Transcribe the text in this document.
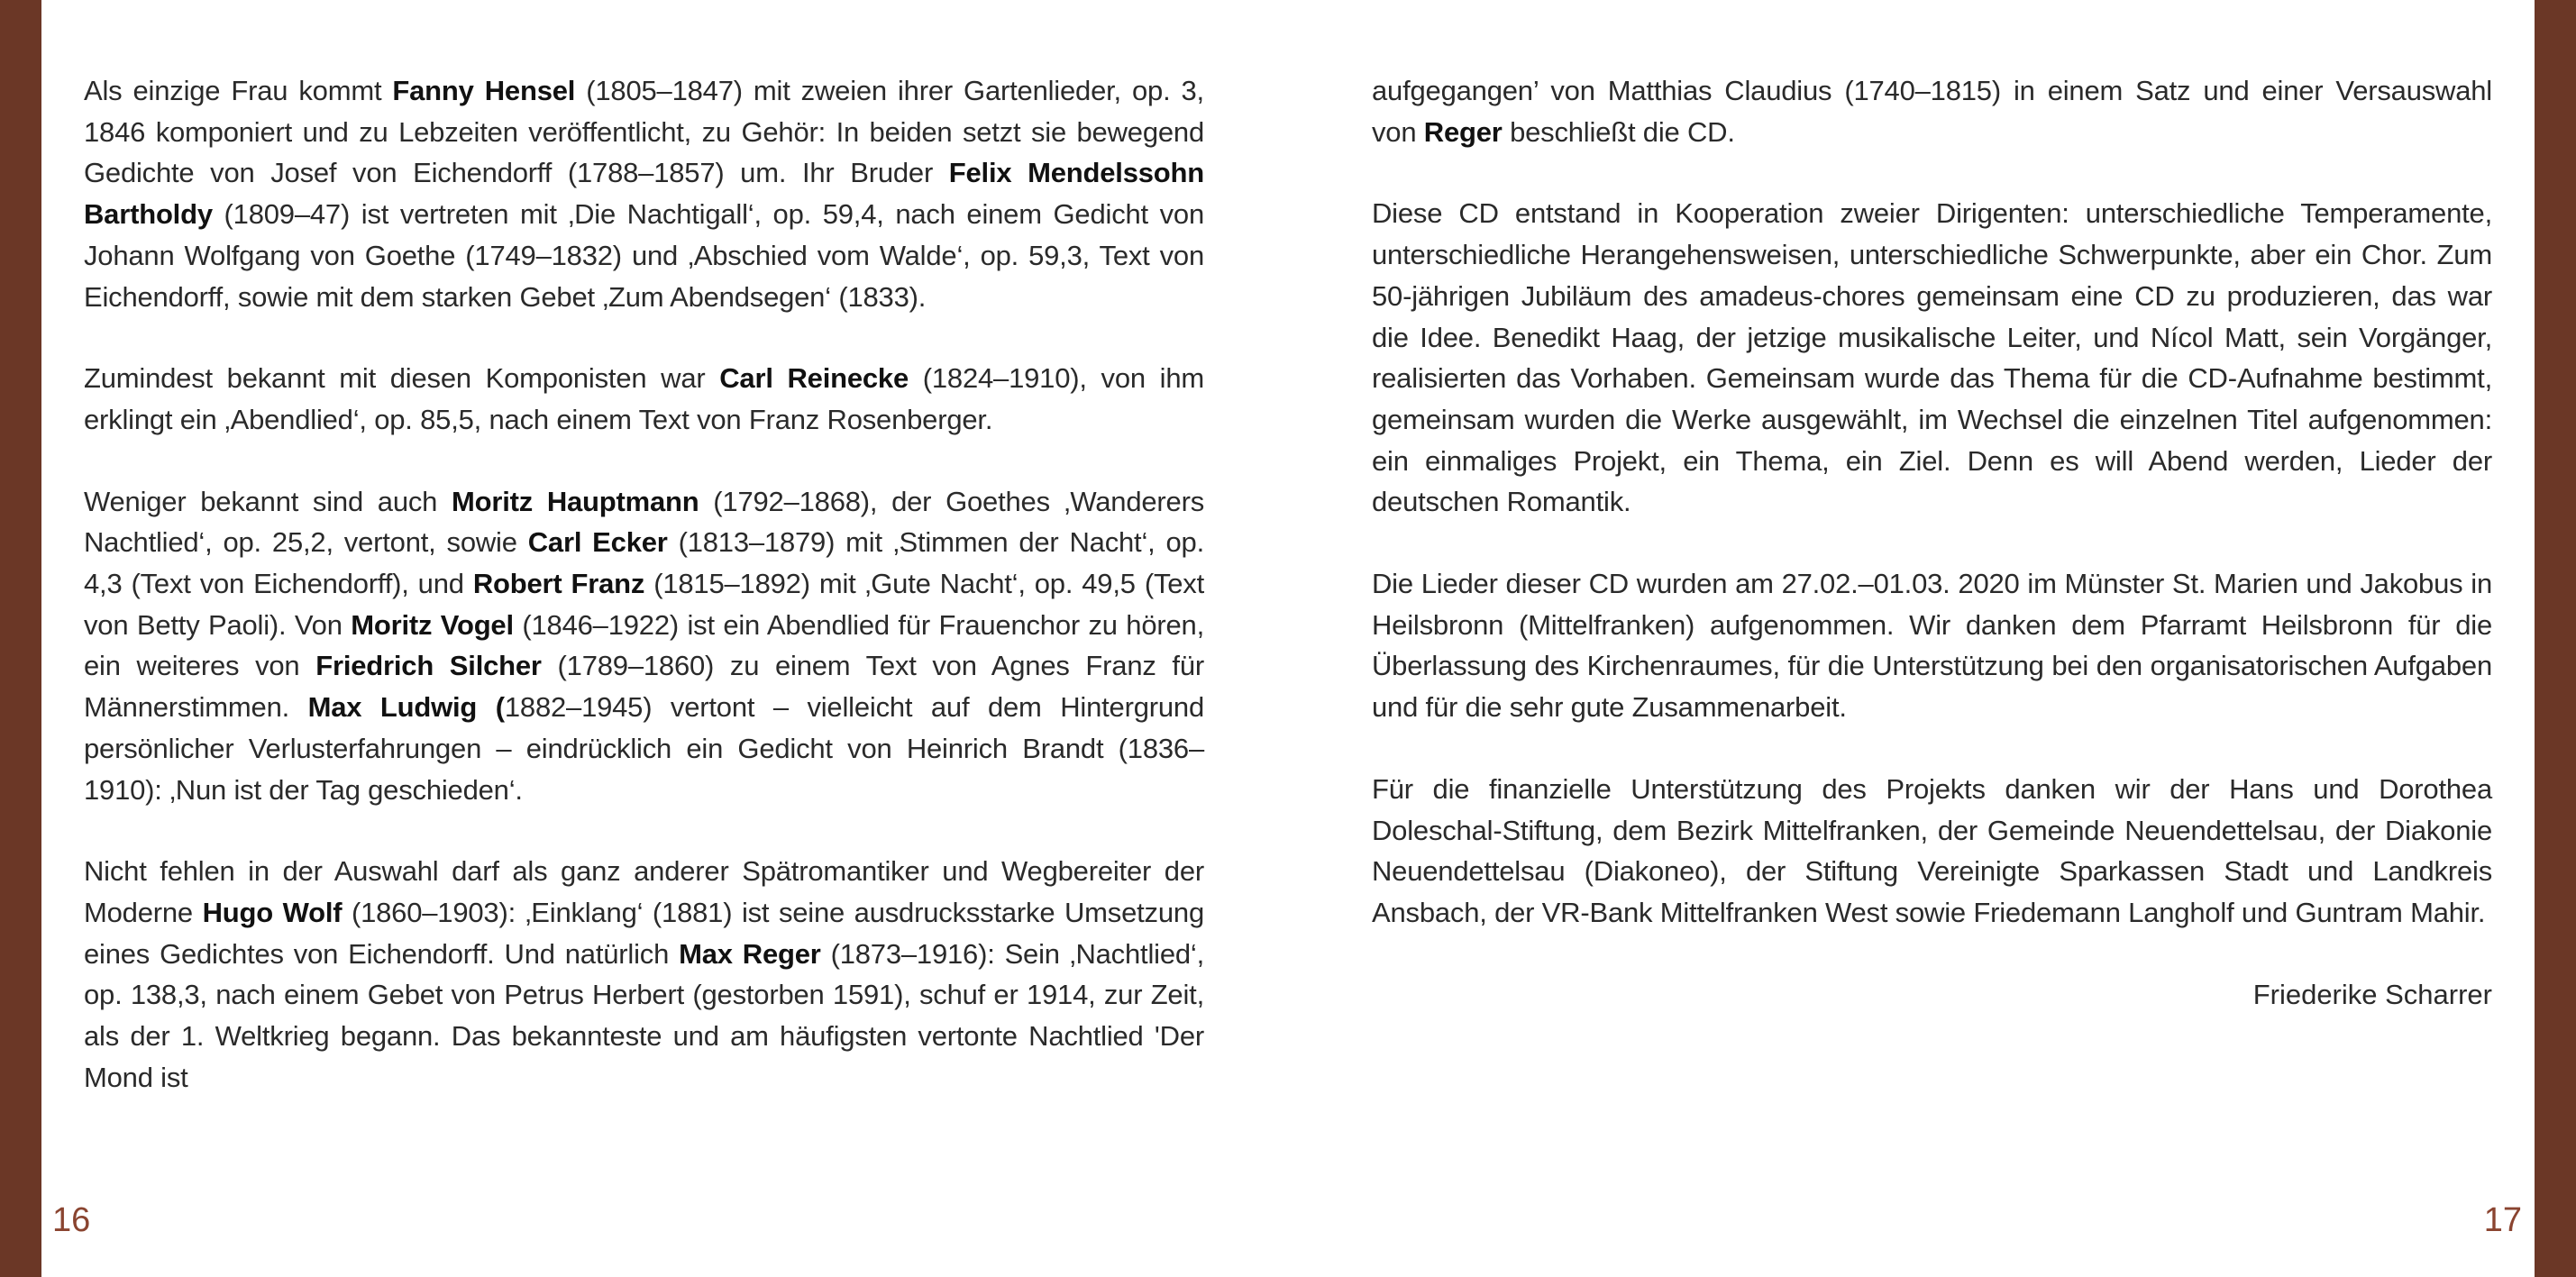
Als einzige Frau kommt Fanny Hensel (1805–1847) mit zweien ihrer Gartenlieder, op. 3, 1846 komponiert und zu Lebzeiten veröffentlicht, zu Gehör: In beiden setzt sie bewegend Gedichte von Josef von Eichendorff (1788–1857) um. Ihr Bruder Felix Mendelssohn Bartholdy (1809–47) ist vertreten mit ‚Die Nachtigall‘, op. 59,4, nach einem Gedicht von Johann Wolfgang von Goethe (1749–1832) und ‚Abschied vom Walde‘, op. 59,3, Text von Eichendorff, sowie mit dem starken Gebet ‚Zum Abendsegen‘ (1833).

Zumindest bekannt mit diesen Komponisten war Carl Reinecke (1824–1910), von ihm erklingt ein ‚Abendlied‘, op. 85,5, nach einem Text von Franz Rosenberger.

Weniger bekannt sind auch Moritz Hauptmann (1792–1868), der Goethes ‚Wanderers Nachtlied‘, op. 25,2, vertont, sowie Carl Ecker (1813–1879) mit ‚Stimmen der Nacht‘, op. 4,3 (Text von Eichendorff), und Robert Franz (1815–1892) mit ‚Gute Nacht‘, op. 49,5 (Text von Betty Paoli). Von Moritz Vogel (1846–1922) ist ein Abendlied für Frauenchor zu hören, ein weiteres von Friedrich Silcher (1789–1860) zu einem Text von Agnes Franz für Männerstimmen. Max Ludwig (1882–1945) vertont – vielleicht auf dem Hintergrund persönlicher Verlusterfahrungen – eindrücklich ein Gedicht von Heinrich Brandt (1836–1910): ‚Nun ist der Tag geschieden‘.

Nicht fehlen in der Auswahl darf als ganz anderer Spätromantiker und Wegbereiter der Moderne Hugo Wolf (1860–1903): ‚Einklang‘ (1881) ist seine ausdrucksstarke Umsetzung eines Gedichtes von Eichendorff. Und natürlich Max Reger (1873–1916): Sein ‚Nachtlied‘, op. 138,3, nach einem Gebet von Petrus Herbert (gestorben 1591), schuf er 1914, zur Zeit, als der 1. Weltkrieg begann. Das bekannteste und am häufigsten vertonte Nachtlied 'Der Mond ist

aufgegangen’ von Matthias Claudius (1740–1815) in einem Satz und einer Versauswahl von Reger beschließt die CD.

Diese CD entstand in Kooperation zweier Dirigenten: unterschiedliche Temperamente, unterschiedliche Herangehensweisen, unterschiedliche Schwerpunkte, aber ein Chor. Zum 50-jährigen Jubiläum des amadeus-chores gemeinsam eine CD zu produzieren, das war die Idee. Benedikt Haag, der jetzige musikalische Leiter, und Nícol Matt, sein Vorgänger, realisierten das Vorhaben. Gemeinsam wurde das Thema für die CD-Aufnahme bestimmt, gemeinsam wurden die Werke ausgewählt, im Wechsel die einzelnen Titel aufgenommen: ein einmaliges Projekt, ein Thema, ein Ziel. Denn es will Abend werden, Lieder der deutschen Romantik.

Die Lieder dieser CD wurden am 27.02.–01.03. 2020 im Münster St. Marien und Jakobus in Heilsbronn (Mittelfranken) aufgenommen. Wir danken dem Pfarramt Heilsbronn für die Überlassung des Kirchenraumes, für die Unterstützung bei den organisatorischen Aufgaben und für die sehr gute Zusammenarbeit.

Für die finanzielle Unterstützung des Projekts danken wir der Hans und Dorothea Doleschal-Stiftung, dem Bezirk Mittelfranken, der Gemeinde Neuendettelsau, der Diakonie Neuendettelsau (Diakoneo), der Stiftung Vereinigte Sparkassen Stadt und Landkreis Ansbach, der VR-Bank Mittelfranken West sowie Friedemann Langholf und Guntram Mahir.

Friederike Scharrer

16	17
